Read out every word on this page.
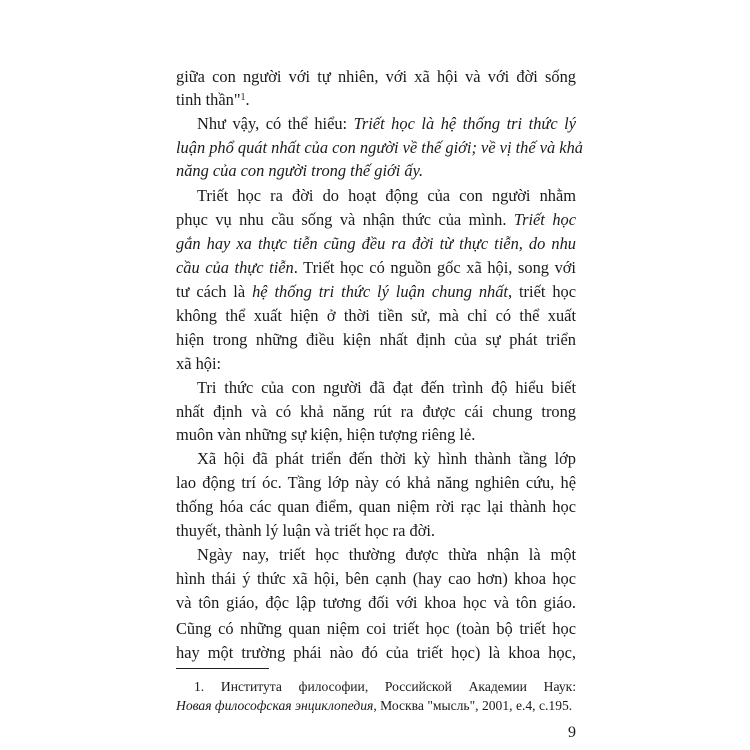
giữa con người với tự nhiên, với xã hội và với đời sống
tinh thần"$^1$.
Như vậy, có thể hiểu: Triết học là hệ thống tri thức lý
luận phổ quát nhất của con người về thế giới; về vị thế và khả
năng của con người trong thế giới ấy.
Triết học ra đời do hoạt động của con người nhằm
phục vụ nhu cầu sống và nhận thức của mình. Triết học
gắn hay xa thực tiễn cũng đều ra đời từ thực tiễn, do nhu
cầu của thực tiễn. Triết học có nguồn gốc xã hội, song với
tư cách là hệ thống tri thức lý luận chung nhất, triết học
không thể xuất hiện ở thời tiền sử, mà chỉ có thể xuất
hiện trong những điều kiện nhất định của sự phát triển
xã hội:
Tri thức của con người đã đạt đến trình độ hiểu biết
nhất định và có khả năng rút ra được cái chung trong
muôn vàn những sự kiện, hiện tượng riêng lẻ.
Xã hội đã phát triển đến thời kỳ hình thành tầng lớp
lao động trí óc. Tầng lớp này có khả năng nghiên cứu, hệ
thống hóa các quan điểm, quan niệm rời rạc lại thành học
thuyết, thành lý luận và triết học ra đời.
Ngày nay, triết học thường được thừa nhận là một
hình thái ý thức xã hội, bên cạnh (hay cao hơn) khoa học
và tôn giáo, độc lập tương đối với khoa học và tôn giáo.
Cũng có những quan niệm coi triết học (toàn bộ triết học
hay một trường phái nào đó của triết học) là khoa học,
1. Института философии, Российской Академии Наук:
Новая философская энциклопедия, Москва "мысль", 2001, e.4, c.195.
9
